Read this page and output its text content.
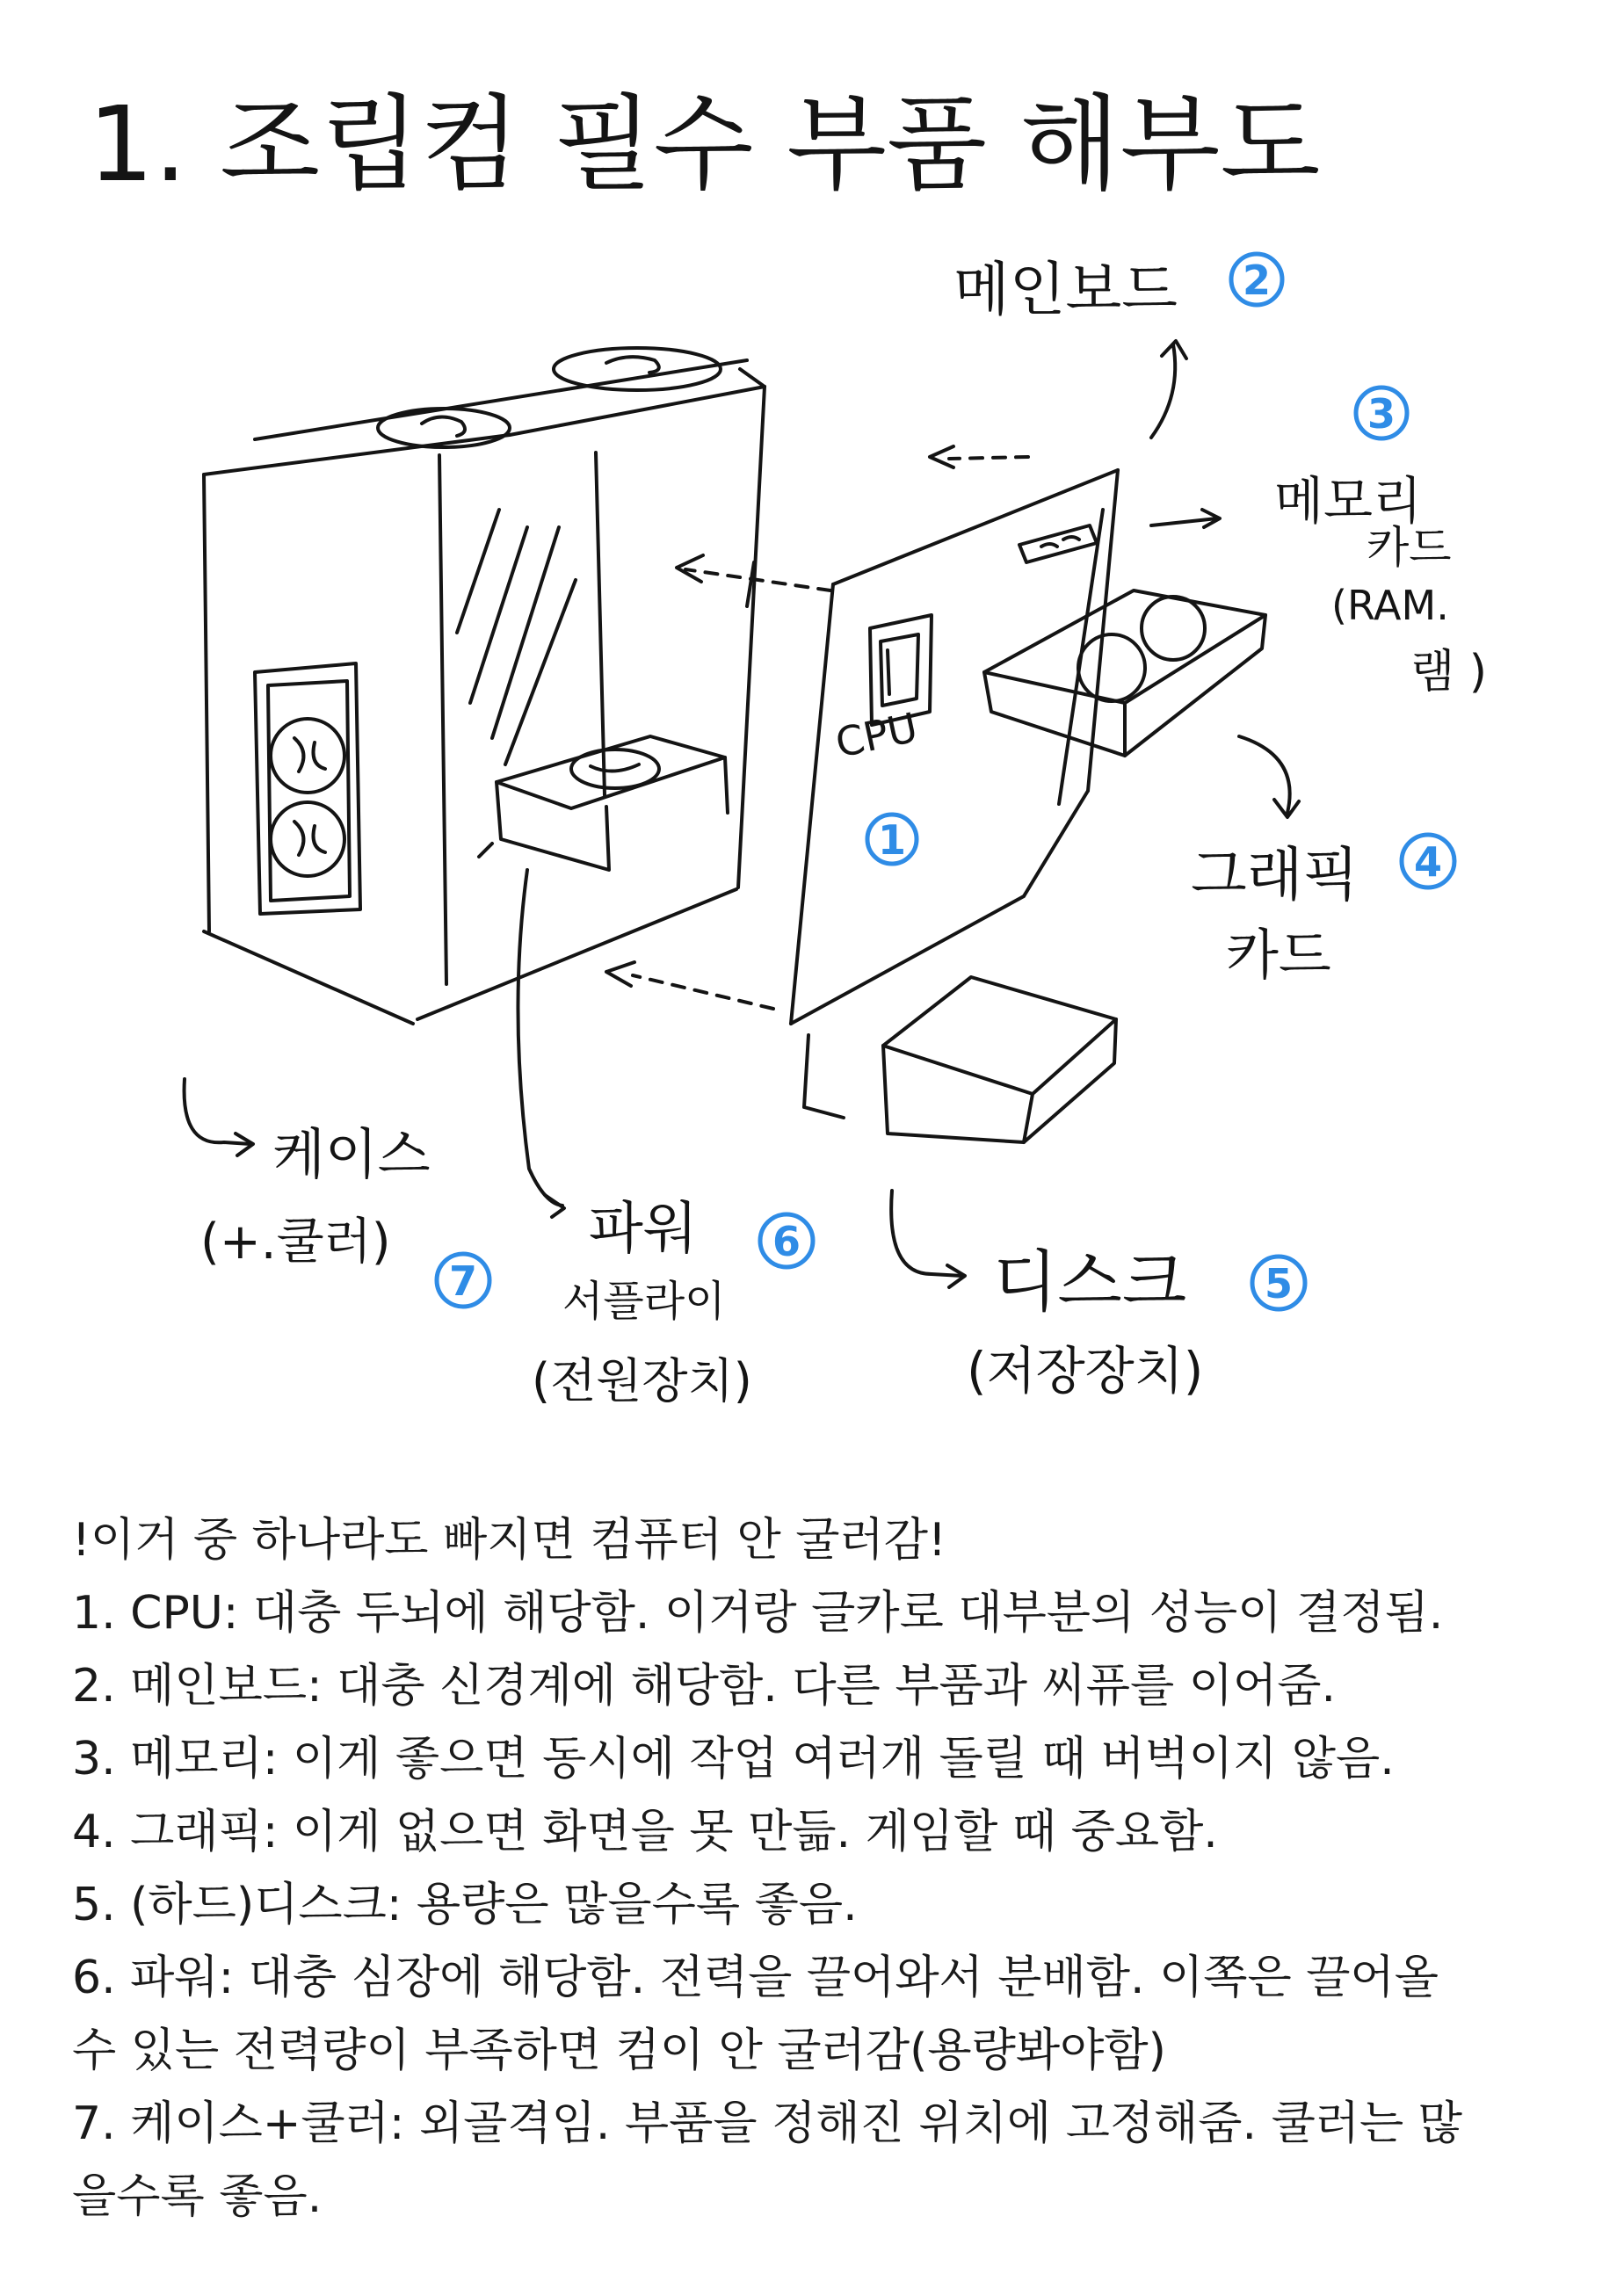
1. 조립컴 필수 부품 해부도
메인보드
메모리
카드
(RAM.
램 )
그래픽
카드
CPU
케이스
(+.쿨러)	파워
서플라이
(전원장치)
디스크
(저장장치)
2
3
1	4
5
6
7

!이거 중 하나라도 빠지면 컴퓨터 안 굴러감!

1. CPU: 대충 두뇌에 해당함. 이거랑 글카로 대부분의 성능이 결정됨.

2. 메인보드: 대충 신경계에 해당함. 다른 부품과 씨퓨를 이어줌.

3. 메모리: 이게 좋으면 동시에 작업 여러개 돌릴 때 버벅이지 않음.

4. 그래픽: 이게 없으면 화면을 못 만듦. 게임할 때 중요함.

5. (하드)디스크: 용량은 많을수록 좋음.

6. 파워: 대충 심장에 해당함. 전력을 끌어와서 분배함. 이쪽은 끌어올

수 있는 전력량이 부족하면 컴이 안 굴러감(용량봐야함)

7. 케이스+쿨러: 외골격임. 부품을 정해진 위치에 고정해줌. 쿨러는 많

을수록 좋음.
